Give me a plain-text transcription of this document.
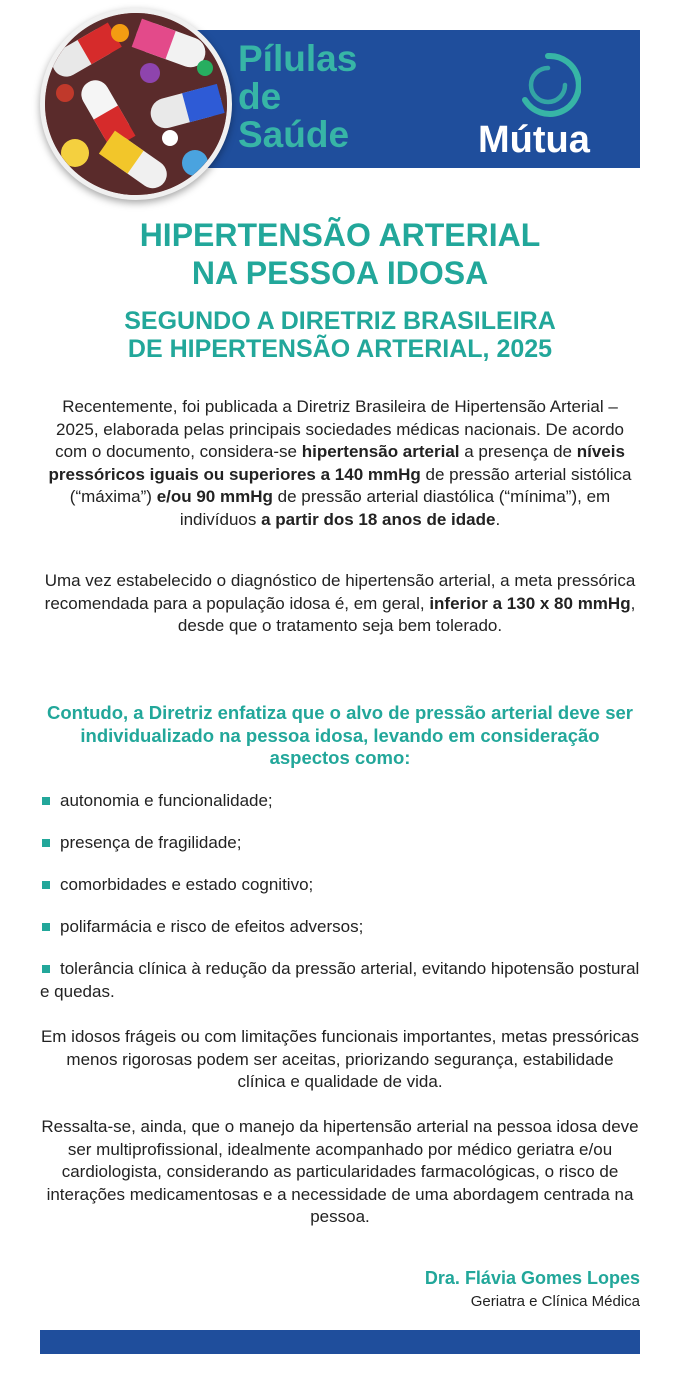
Pílulas
de
Saúde	Mútua
HIPERTENSÃO ARTERIAL
NA PESSOA IDOSA
SEGUNDO A DIRETRIZ BRASILEIRA
DE HIPERTENSÃO ARTERIAL, 2025

Recentemente, foi publicada a Diretriz Brasileira de Hipertensão Arterial – 2025, elaborada pelas principais sociedades médicas nacionais. De acordo com o documento, considera-se hipertensão arterial a presença de níveis pressóricos iguais ou superiores a 140 mmHg de pressão arterial sistólica (“máxima”) e/ou 90 mmHg de pressão arterial diastólica (“mínima”), em indivíduos a partir dos 18 anos de idade.

Uma vez estabelecido o diagnóstico de hipertensão arterial, a meta pressórica recomendada para a população idosa é, em geral, inferior a 130 x 80 mmHg, desde que o tratamento seja bem tolerado.

Contudo, a Diretriz enfatiza que o alvo de pressão arterial deve ser individualizado na pessoa idosa, levando em consideração aspectos como:

autonomia e funcionalidade;
presença de fragilidade;
comorbidades e estado cognitivo;
polifarmácia e risco de efeitos adversos;
tolerância clínica à redução da pressão arterial, evitando hipotensão postural e quedas.

Em idosos frágeis ou com limitações funcionais importantes, metas pressóricas menos rigorosas podem ser aceitas, priorizando segurança, estabilidade clínica e qualidade de vida.

Ressalta-se, ainda, que o manejo da hipertensão arterial na pessoa idosa deve ser multiprofissional, idealmente acompanhado por médico geriatra e/ou cardiologista, considerando as particularidades farmacológicas, o risco de interações medicamentosas e a necessidade de uma abordagem centrada na pessoa.

Dra. Flávia Gomes Lopes
Geriatra e Clínica Médica
